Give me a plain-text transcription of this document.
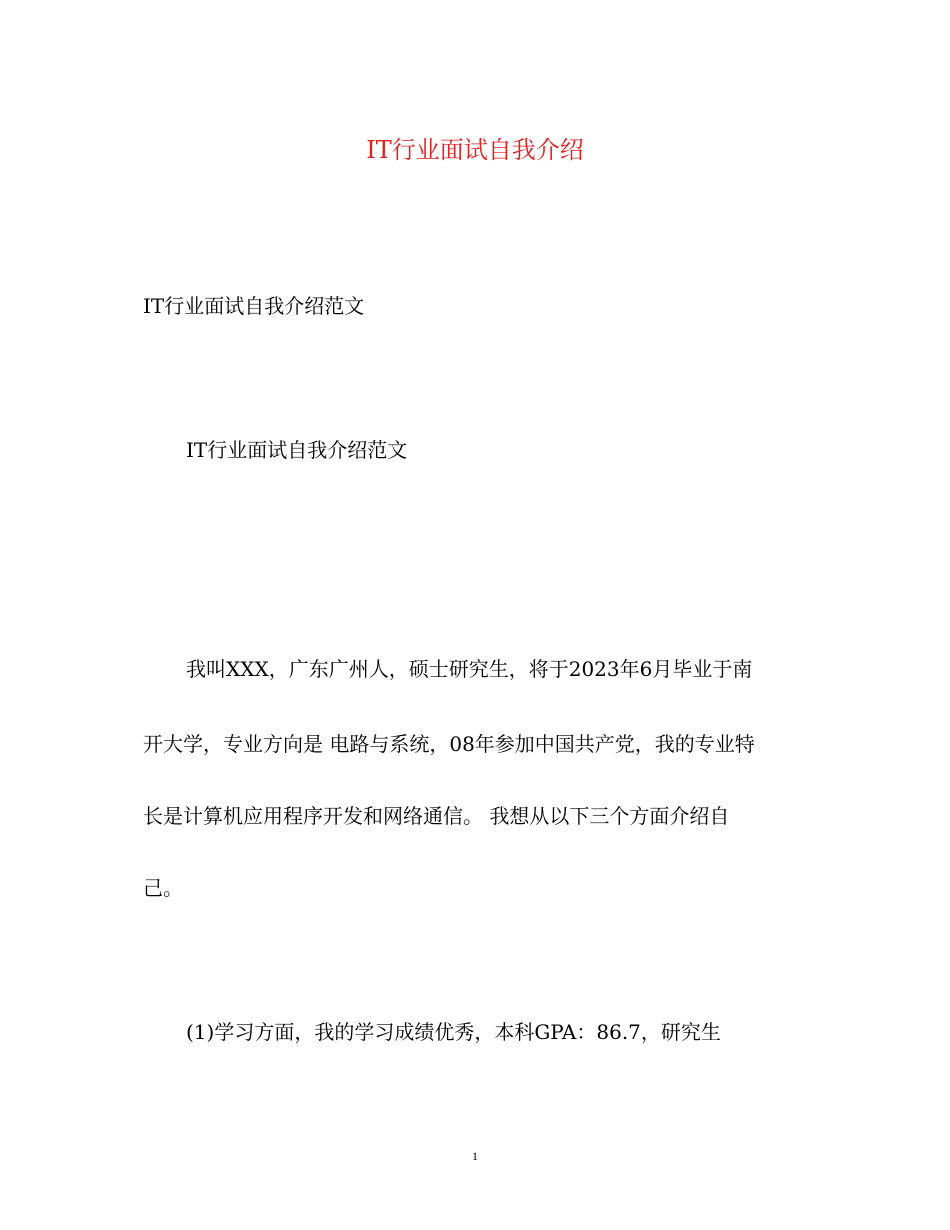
IT行业面试自我介绍
IT行业面试自我介绍范文
IT行业面试自我介绍范文
我叫XXX，广东广州人，硕士研究生，将于2023年6月毕业于南
开大学，专业方向是 电路与系统，08年参加中国共产党，我的专业特
长是计算机应用程序开发和网络通信。 我想从以下三个方面介绍自
己。
(1)学习方面，我的学习成绩优秀，本科GPA：86.7，研究生
1
